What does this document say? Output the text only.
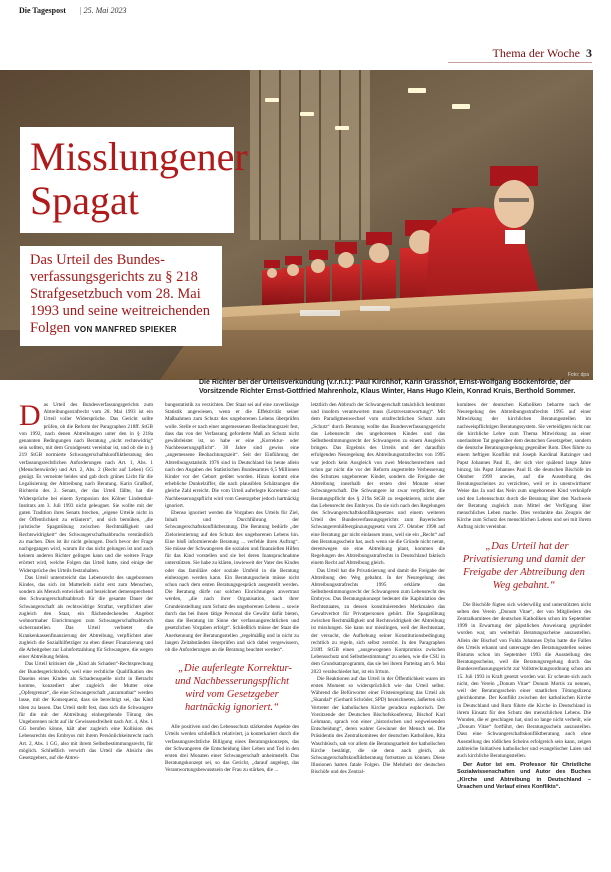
Die Tagespost
|	25. Mai 2023
Thema der Woche 3
Foto: dpa
Misslungener
Spagat

Das Urteil des Bundesverfassungsgerichts zu § 218 Strafgesetzbuch vom 28. Mai 1993 und seine weitreichenden Folgen VON MANFRED SPIEKER

Die Richter bei der Urteilsverkündung (v.r.n.l.): Paul Kirchhof, Karin Grasshof, Ernst-Wolfgang Böckenförde, der Vorsitzende Richter Ernst-Gottfried Mahrenholz, Klaus Winter, Hans Hugo Klein, Konrad Kruis, Berthold Sommer.

Das Urteil des Bundesverfassungsgerichts zum Abtreibungsstrafrecht vom 28. Mai 1993 ist ein Urteil voller Widersprüche. Das Gericht sollte prüfen, ob die Reform der Paragraphen 218ff. StGB von 1992, nach denen Abtreibungen unter den in § 218a genannten Bedingungen nach Beratung „nicht rechtswidrig“ sein sollten, mit dem Grundgesetz vereinbar ist, und ob die in § 219 StGB normierte Schwangerschaftskonfliktberatung den verfassungsrechtlichen Anforderungen nach Art. 1, Abs. 1 (Menschenwürde) und Art. 2, Abs. 2 (Recht auf Leben) GG genügt. Es verneinte beides und gab doch grünes Licht für die Legalisierung der Abtreibung nach Beratung. Karin Graßhof, Richterin des 2. Senats, der das Urteil fällte, hat die Widersprüche bei einem Symposion des Kölner Lindenthal-Instituts am 3. Juli 1993 nicht geleugnet. Sie wollte mit der guten Tradition ihres Senats brechen, „eigene Urteile nicht in der Öffentlichkeit zu erläutern“, und sich bemühen, „die juristische Spagatübung zwischen Rechtmäßigkeit und Rechtswidrigkeit“ des Schwangerschaftsabbruchs verständlich zu machen. Dies ist ihr nicht gelungen. Doch bevor der Frage nachgegangen wird, warum ihr das nicht gelungen ist und auch keinem anderen Richter gelingen kann und die weitere Frage erörtert wird, welche Folgen das Urteil hatte, sind einige der Widersprüche des Urteils festzuhalten.

Das Urteil unterstreicht das Lebensrecht des ungeborenen Kindes, das sich im Mutterleib nicht erst zum Menschen, sondern als Mensch entwickelt und bezeichnet demensprechend den Schwangerschaftsabbruch für die gesamte Dauer der Schwangerschaft als rechtswidrige Straftat, verpflichtet aber zugleich den Staat, ein flächendeckendes Angebot wohnortnaher Einrichtungen zum Schwangerschaftsabbruch sicherzustellen. Das Urteil verbietet die Krankenkassenfinanzierung der Abtreibung, verpflichtet aber zugleich die Sozialhilfeträger zu eben dieser Finanzierung und die Arbeitgeber zur Lohnfortzahlung für Schwangere, die wegen einer Abtreibung fehlen.

Das Urteil kritisiert die „Kind als Schaden“-Rechtsprechung der Bundesgerichtshofs, weil eine rechtliche Qualifikation des Daseins eines Kindes als Schadensquelle nicht in Betracht komme, konzediert aber zugleich der Mutter eine „Opfergrenze“, die eine Schwangerschaft „unzumutbar“ werden lasse, mit der Konsequenz, dass sie berechtigt sei, das Kind töten zu lassen. Das Urteil stellt fest, dass sich die Schwangere für die mit der Abtreibung einhergehende Tötung des Ungeborenen nicht auf ihr Gewissensfreiheit nach Art. 4, Abs. 1 GG berufen könne, hält aber zugleich eine Kollision des Lebensrechts des Embryos mit ihrem Persönlichkeitsrecht nach Art. 2, Abs. 1 GG, also mit ihrem Selbstbestimmungsrecht, für möglich. Schließlich verwirft das Urteil die Absicht des Gesetzgebers, auf die Abtrei-

bungsstatistik zu verzichten. Der Staat sei auf eine zuverlässige Statistik angewiesen, wenn er die Effektivität seiner Maßnahmen zum Schutz des ungeborenen Lebens überprüfen wolle. Stelle er nach einer angemessenen Beobachtungszeit fest, dass das von der Verfassung geforderte Maß an Schutz nicht gewährleistet ist, so habe er eine „Korrektur- oder Nachbesserungspflicht“. 30 Jahre sind gewiss eine „angemessene Beobachtungszeit“. Seit der Einführung der Abtreibungsstatistik 1976 sind in Deutschland bis heute allein nach den Angaben des Statistischen Bundesamtes 6,5 Millionen Kinder vor der Geburt getötet worden. Hinzu kommt eine erhebliche Dunkelziffer, die nach plausiblen Schätzungen die gleiche Zahl erreicht. Die vom Urteil auferlegte Korrektur- und Nachbesserungspflicht wird vom Gesetzgeber jedoch hartnäckig ignoriert.

Ebenso ignoriert werden die Vorgaben des Urteils für Ziel, Inhalt und Durchführung der Schwangerschaftskonfliktberatung. Die Beratung bedürfe „der Zielorientierung auf den Schutz des ungeborenen Lebens hin. Eine bloß informierende Beratung ... verfehle ihren Auftrag“. Sie müsse der Schwangeren die sozialen und finanziellen Hilfen für das Kind vorstellen und sie bei deren Inanspruchnahme unterstützen. Sie habe zu klären, inwieweit der Vater des Kindes oder das familiäre oder soziale Umfeld in die Beratung einbezogen werden kann. Ein Beratungsschein müsse nicht schon nach dem ersten Beratungsgespräch ausgestellt werden. Die Beratung dürfe nur solchen Einrichtungen anvertraut werden, „die nach ihrer Organisation, nach ihrer Grundeinstellung zum Schutz des ungeborenen Lebens ... sowie durch das bei ihnen tätige Personal die Gewähr dafür bieten, dass die Beratung im Sinne der verfassungsrechtlichen und gesetzlichen Vorgaben erfolgt“. Schließlich müsse der Staat die Anerkennung der Beratungsstellen „regelmäßig und in nicht zu langen Zeitabständen überprüfen und sich dabei vergewissern, ob die Anforderungen an die Beratung beachtet werden“.

„Die auferlegte Korrektur- und Nachbesserungspflicht wird vom Gesetzgeber hartnäckig ignoriert.“

Alle positiven und den Lebensschutz stärkenden Aspekte des Urteils werden schließlich relativiert, ja konterkariert durch die verfassungsrechtliche Billigung eines Beratungskonzepts, das der Schwangeren die Entscheidung über Leben und Tod in den ersten drei Monaten einer Schwangerschaft anheimstellt. Das Beratungskonzept sei, so das Gericht, „darauf angelegt, das Verantwortungsbewusstsein der Frau zu stärken, die ...

letztlich den Abbruch der Schwangerschaft tatsächlich bestimmt und insofern verantworten muss (Letztverantwortung)“. Mit dem Paradigmenwechsel vom strafrechtlichen Schutz zum „Schutz“ durch Beratung wollte das Bundesverfassungsgericht das Lebensrecht des ungeborenen Kindes und das Selbstbestimmungsrecht der Schwangeren zu einem Ausgleich bringen. Das Ergebnis des Urteils und der daraufhin erfolgenden Neuregelung des Abtreibungsstrafrechts von 1995 war jedoch kein Ausgleich von zwei Menschenrechten und schon gar nicht die vor der Reform angestrebte Verbesserung des Schutzes ungeborener Kinder, sondern die Freigabe der Abtreibung innerhalb der ersten drei Monate einer Schwangerschaft. Die Schwangere ist zwar verpflichtet, die Beratungspflicht des § 219a StGB zu respektieren, nicht aber das Lebensrecht des Embryos. Da sie sich nach den Regelungen des Schwangerschaftskonfliktgesetzes und einem weiteren Urteil des Bundesverfassungsgerichts zum Bayerischen Schwangerenhilfeergänzungsgesetz vom 27. Oktober 1998 auf eine Beratung gar nicht einlassen muss, weil sie ein „Recht“ auf den Beratungsschein hat, auch wenn sie die Gründe nicht nennt, derentwegen sie eine Abtreibung plant, kommen die Regelungen des Abtreibungsstrafrechts in Deutschland faktisch einem Recht auf Abtreibung gleich.

Das Urteil hat die Privatisierung und damit die Freigabe der Abtreibung den Weg gebahnt. In der Neuregelung des Abtreibungsstrafrechts 1995 erklärte das Selbstbestimmungsrecht der Schwangeren zum Lebensrecht des Embryos. Das Beratungskonzept bedeutet die Kapitulation des Rechtsstaates, zu dessen konstituierenden Merkmalen das Gewaltverbot für Privatpersonen gehört. Die Spagatübung zwischen Rechtmäßigkeit und Rechtswidrigkeit der Abtreibung ist misslungen. Sie kann nur misslingen, weil der Rechtsstaat, der versucht, die Aufhebung seiner Konstitutionsbedingung rechtlich zu regeln, sich selbst zerstört. In den Paragraphen 218ff. StGB einen „ausgewogenen Kompromiss zwischen Lebensschutz und Selbstbestimmung“ zu sehen, wie die CSU in dem Grundsatzprogramm, das sie bei ihrem Parteitag am 6. Mai 2023 verabschiedet hat, ist ein Irrtum.

Die Reaktionen auf das Urteil in der Öffentlichkeit waren im ersten Moment so widersprüchlich wie das Urteil selbst. Während die Befürworter einer Fristenregelung das Urteil als „Skandal“ (Gerhard Schröder, SPD) bezeichneten, äußerten sich Vertreter der katholischen Kirche geradezu euphorisch. Der Vorsitzende der Deutschen Bischofskonferenz, Bischof Karl Lehmann, sprach von einer „historischen und wegweisenden Entscheidung“, deren wahrer Gewinner der Mensch sei. Die Präsidentin des Zentralkomitees der deutschen Katholiken, Rita Waschbüsch, sah vor allem die Beratungsarbeit der katholischen Kirche bestätigt, die sie denn auch gleich, als Schwangerschaftskonfliktberatung fortsetzen zu können. Diese Illusionen hatten fatale Folgen. Die Mehrheit der deutschen Bischöfe und des Zentral-

komitees der deutschen Katholiken beharrte nach der Neuregelung des Abtreibungsstrafrechts 1995 auf einer Mitwirkung der kirchlichen Beratungsstellen im nachweispflichtigen Beratungssystem. Sie verteidigten nicht nur die kirchliche Lehre zum Thema Mitwirkung an einer unerlaubten Tat gegenüber dem deutschen Gesetzgeber, sondern die deutsche Beratungsregelung gegenüber Rom. Dies führte zu einem heftigen Konflikt mit Joseph Kardinal Ratzinger und Papst Johannes Paul II., der sich vier quälend lange Jahre hinzog, bis Papst Johannes Paul II. die deutschen Bischöfe im Oktober 1999 anwies, auf die Ausstellung des Beratungsscheines zu verzichten, weil er in unentwirrbarer Weise das Ja und das Nein zum ungeborenen Kind verknüpfe und den Lebensschutz durch die Beratung über den Nachweis der Beratung zugleich zum Mittel der Verfügung über menschliches Leben mache. Dies verdankte das Zeugnis der Kirche zum Schutz des menschlichen Lebens und sei mit ihrem Auftrag nicht vereinbar.

„Das Urteil hat der Privatisierung und damit der Freigabe der Abtreibung den Weg gebahnt.“

Die Bischöfe fügten sich widerwillig und unterstützten nicht selten den Verein „Donum Vitae“, der von Mitgliedern des Zentralkomitees der deutschen Katholiken schon im September 1999 in Erwartung der päpstlichen Anweisung gegründet worden war, um weiterhin Beratungsscheine auszustellen. Allein der Bischof von Fulda Johannes Dyba hatte die Fallen des Urteils erkannt und untersagte den Beratungsstellen seines Bistums schon im September 1993 die Ausstellung des Beratungsscheins, weil die Beratungsregelung durch das Bundesverfassungsgericht zur Vollstreckungsordnung schon am 15. Juli 1993 in Kraft gesetzt worden war. Er scheute sich auch nicht, den Verein „Donum Vitae“ Donum Mortis zu nennen, weil der Beratungsschein einer staatlichen Tötungslizenz gleichkomme. Der Konflikt zwischen der katholischen Kirche in Deutschland und Rom führte die Kirche in Deutschland in ihrem Einsatz für den Schutz des menschlichen Lebens. Die Wunden, die er geschlagen hat, sind so lange nicht verheilt, wie „Donum Vitae“ fortführt, den Beratungsschein auszustellen. Dass eine Schwangerschaftskonfliktberatung auch ohne Ausstellung des tödlichen Scheins erfolgreich sein kann, zeigen zahlreiche Initiativen katholischer und evangelischer Laien und auch kirchliche Beratungsstellen.

Der Autor ist em. Professor für Christliche Sozialwissenschaften und Autor des Buches „Kirche und Abtreibung in Deutschland – Ursachen und Verlauf eines Konflikts“.
